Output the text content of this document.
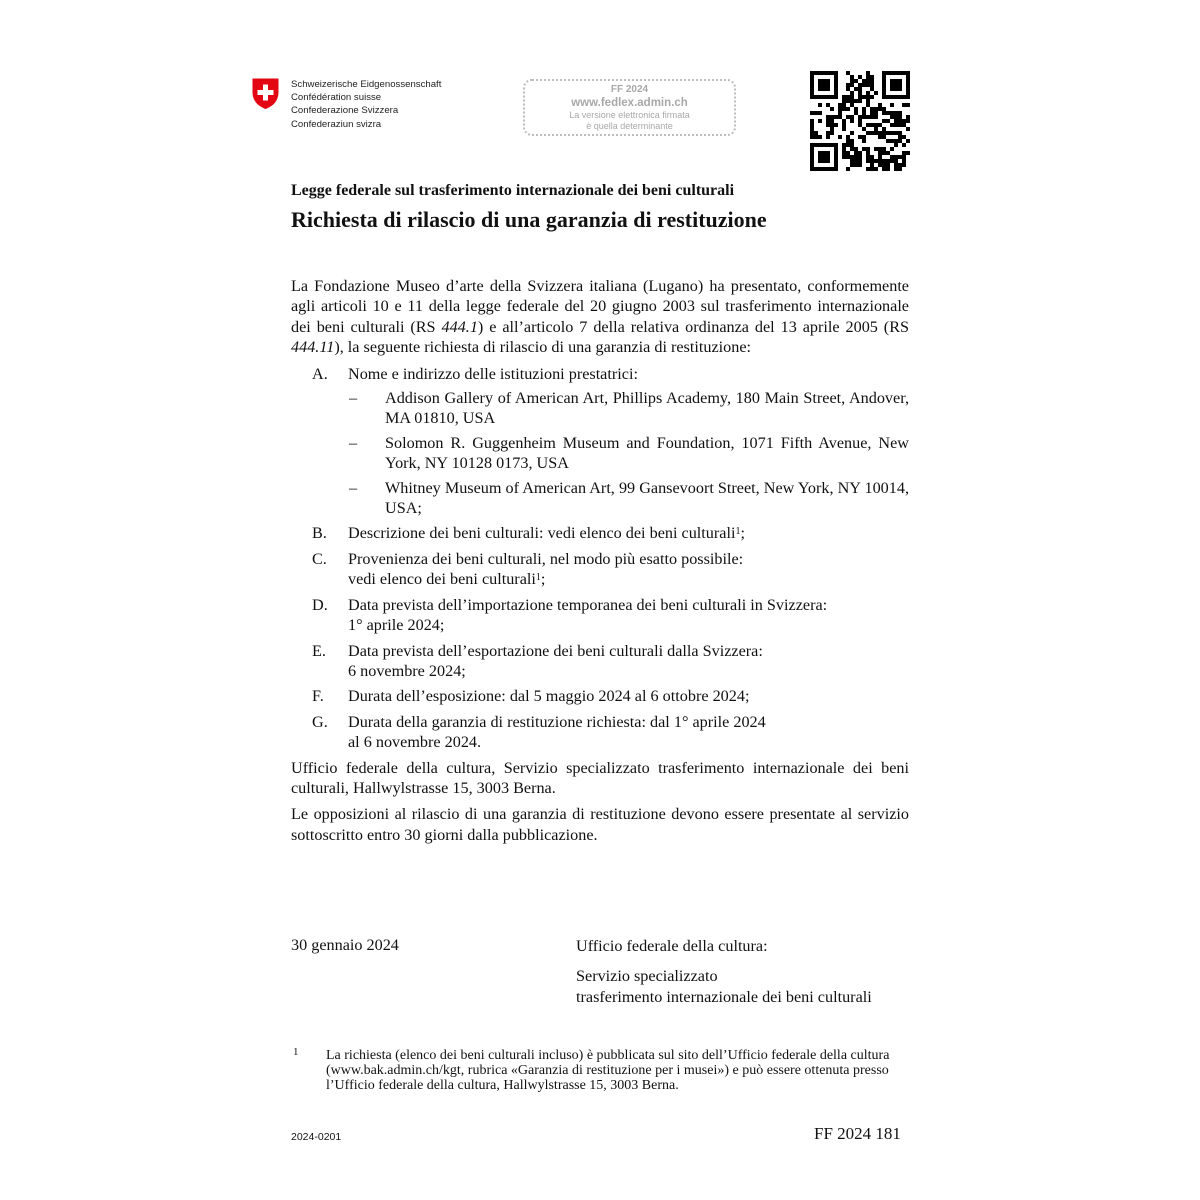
Schweizerische Eidgenossenschaft
Confédération suisse
Confederazione Svizzera
Confederaziun svizra
FF 2024
www.fedlex.admin.ch
La versione elettronica firmata
è quella determinante
Legge federale sul trasferimento internazionale dei beni culturali
Richiesta di rilascio di una garanzia di restituzione

La Fondazione Museo d’arte della Svizzera italiana (Lugano) ha presentato, conformemente agli articoli 10 e 11 della legge federale del 20 giugno 2003 sul trasferimento internazionale dei beni culturali (RS 444.1) e all’articolo 7 della relativa ordinanza del 13 aprile 2005 (RS 444.11), la seguente richiesta di rilascio di una garanzia di restituzione:

A.	Nome e indirizzo delle istituzioni prestatrici:
–	Addison Gallery of American Art, Phillips Academy, 180 Main Street, Andover, MA 01810, USA
–	Solomon R. Guggenheim Museum and Foundation, 1071 Fifth Avenue, New York, NY 10128 0173, USA
–	Whitney Museum of American Art, 99 Gansevoort Street, New York, NY 10014, USA;
B.	Descrizione dei beni culturali: vedi elenco dei beni culturali$^1$;
C.	Provenienza dei beni culturali, nel modo più esatto possibile:
vedi elenco dei beni culturali$^1$;
D.	Data prevista dell’importazione temporanea dei beni culturali in Svizzera:
1° aprile 2024;
E.	Data prevista dell’esportazione dei beni culturali dalla Svizzera:
6 novembre 2024;
F.	Durata dell’esposizione: dal 5 maggio 2024 al 6 ottobre 2024;
G.	Durata della garanzia di restituzione richiesta: dal 1° aprile 2024
al 6 novembre 2024.

Ufficio federale della cultura, Servizio specializzato trasferimento internazionale dei beni culturali, Hallwylstrasse 15, 3003 Berna.

Le opposizioni al rilascio di una garanzia di restituzione devono essere presentate al servizio sottoscritto entro 30 giorni dalla pubblicazione.

30 gennaio 2024	Ufficio federale della cultura:
Servizio specializzato
trasferimento internazionale dei beni culturali
1 La richiesta (elenco dei beni culturali incluso) è pubblicata sul sito dell’Ufficio federale della cultura (www.bak.admin.ch/kgt, rubrica «Garanzia di restituzione per i musei») e può essere ottenuta presso l’Ufficio federale della cultura, Hallwylstrasse 15, 3003 Berna.
2024-0201	FF 2024 181
